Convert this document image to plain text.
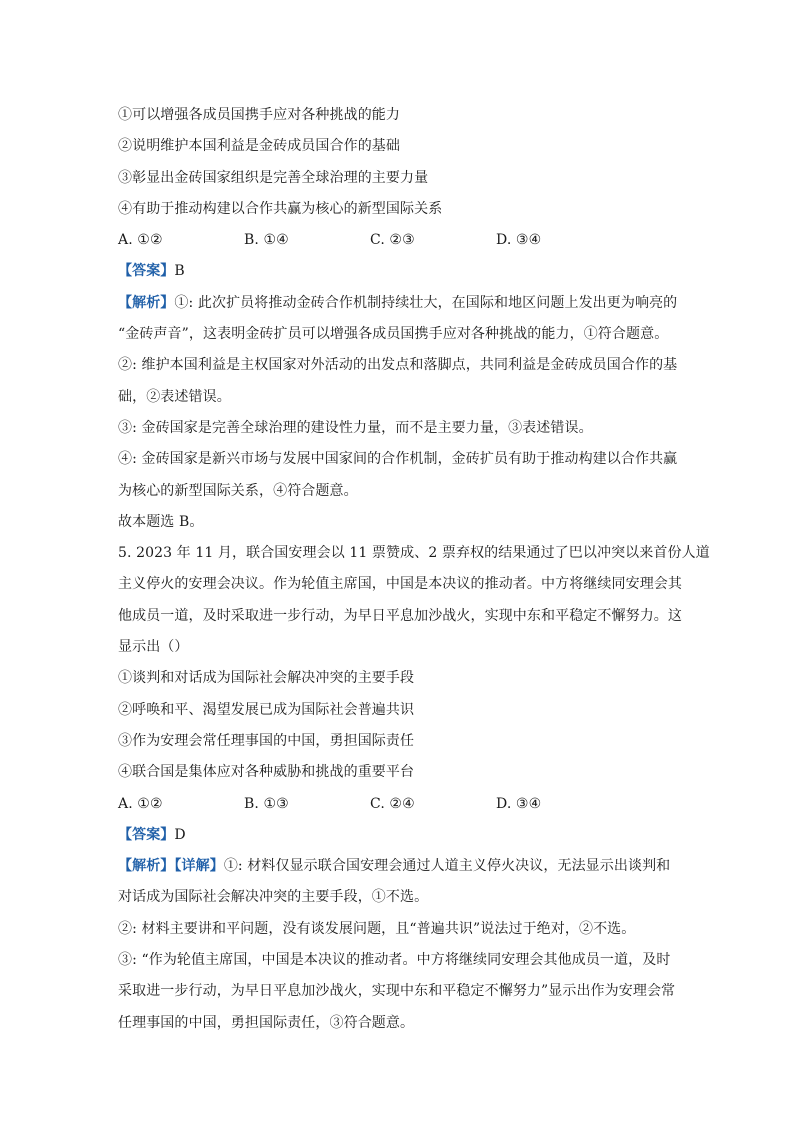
①可以增强各成员国携手应对各种挑战的能力
②说明维护本国利益是金砖成员国合作的基础
③彰显出金砖国家组织是完善全球治理的主要力量
④有助于推动构建以合作共赢为核心的新型国际关系
A. ①②	B. ①④	C. ②③	D. ③④
【答案】B
【解析】①: 此次扩员将推动金砖合作机制持续壮大，在国际和地区问题上发出更为响亮的
“金砖声音”，这表明金砖扩员可以增强各成员国携手应对各种挑战的能力，①符合题意。
②: 维护本国利益是主权国家对外活动的出发点和落脚点，共同利益是金砖成员国合作的基
础，②表述错误。
③: 金砖国家是完善全球治理的建设性力量，而不是主要力量，③表述错误。
④: 金砖国家是新兴市场与发展中国家间的合作机制，金砖扩员有助于推动构建以合作共赢
为核心的新型国际关系，④符合题意。
故本题选 B。
5. 2023 年 11 月，联合国安理会以 11 票赞成、2 票弃权的结果通过了巴以冲突以来首份人道
主义停火的安理会决议。作为轮值主席国，中国是本决议的推动者。中方将继续同安理会其
他成员一道，及时采取进一步行动，为早日平息加沙战火，实现中东和平稳定不懈努力。这
显示出（）
①谈判和对话成为国际社会解决冲突的主要手段
②呼唤和平、渴望发展已成为国际社会普遍共识
③作为安理会常任理事国的中国，勇担国际责任
④联合国是集体应对各种威胁和挑战的重要平台
A. ①②	B. ①③	C. ②④	D. ③④
【答案】D
【解析】【详解】①: 材料仅显示联合国安理会通过人道主义停火决议，无法显示出谈判和
对话成为国际社会解决冲突的主要手段，①不选。
②: 材料主要讲和平问题，没有谈发展问题，且“普遍共识”说法过于绝对，②不选。
③: “作为轮值主席国，中国是本决议的推动者。中方将继续同安理会其他成员一道，及时
采取进一步行动，为早日平息加沙战火，实现中东和平稳定不懈努力”显示出作为安理会常
任理事国的中国，勇担国际责任，③符合题意。
